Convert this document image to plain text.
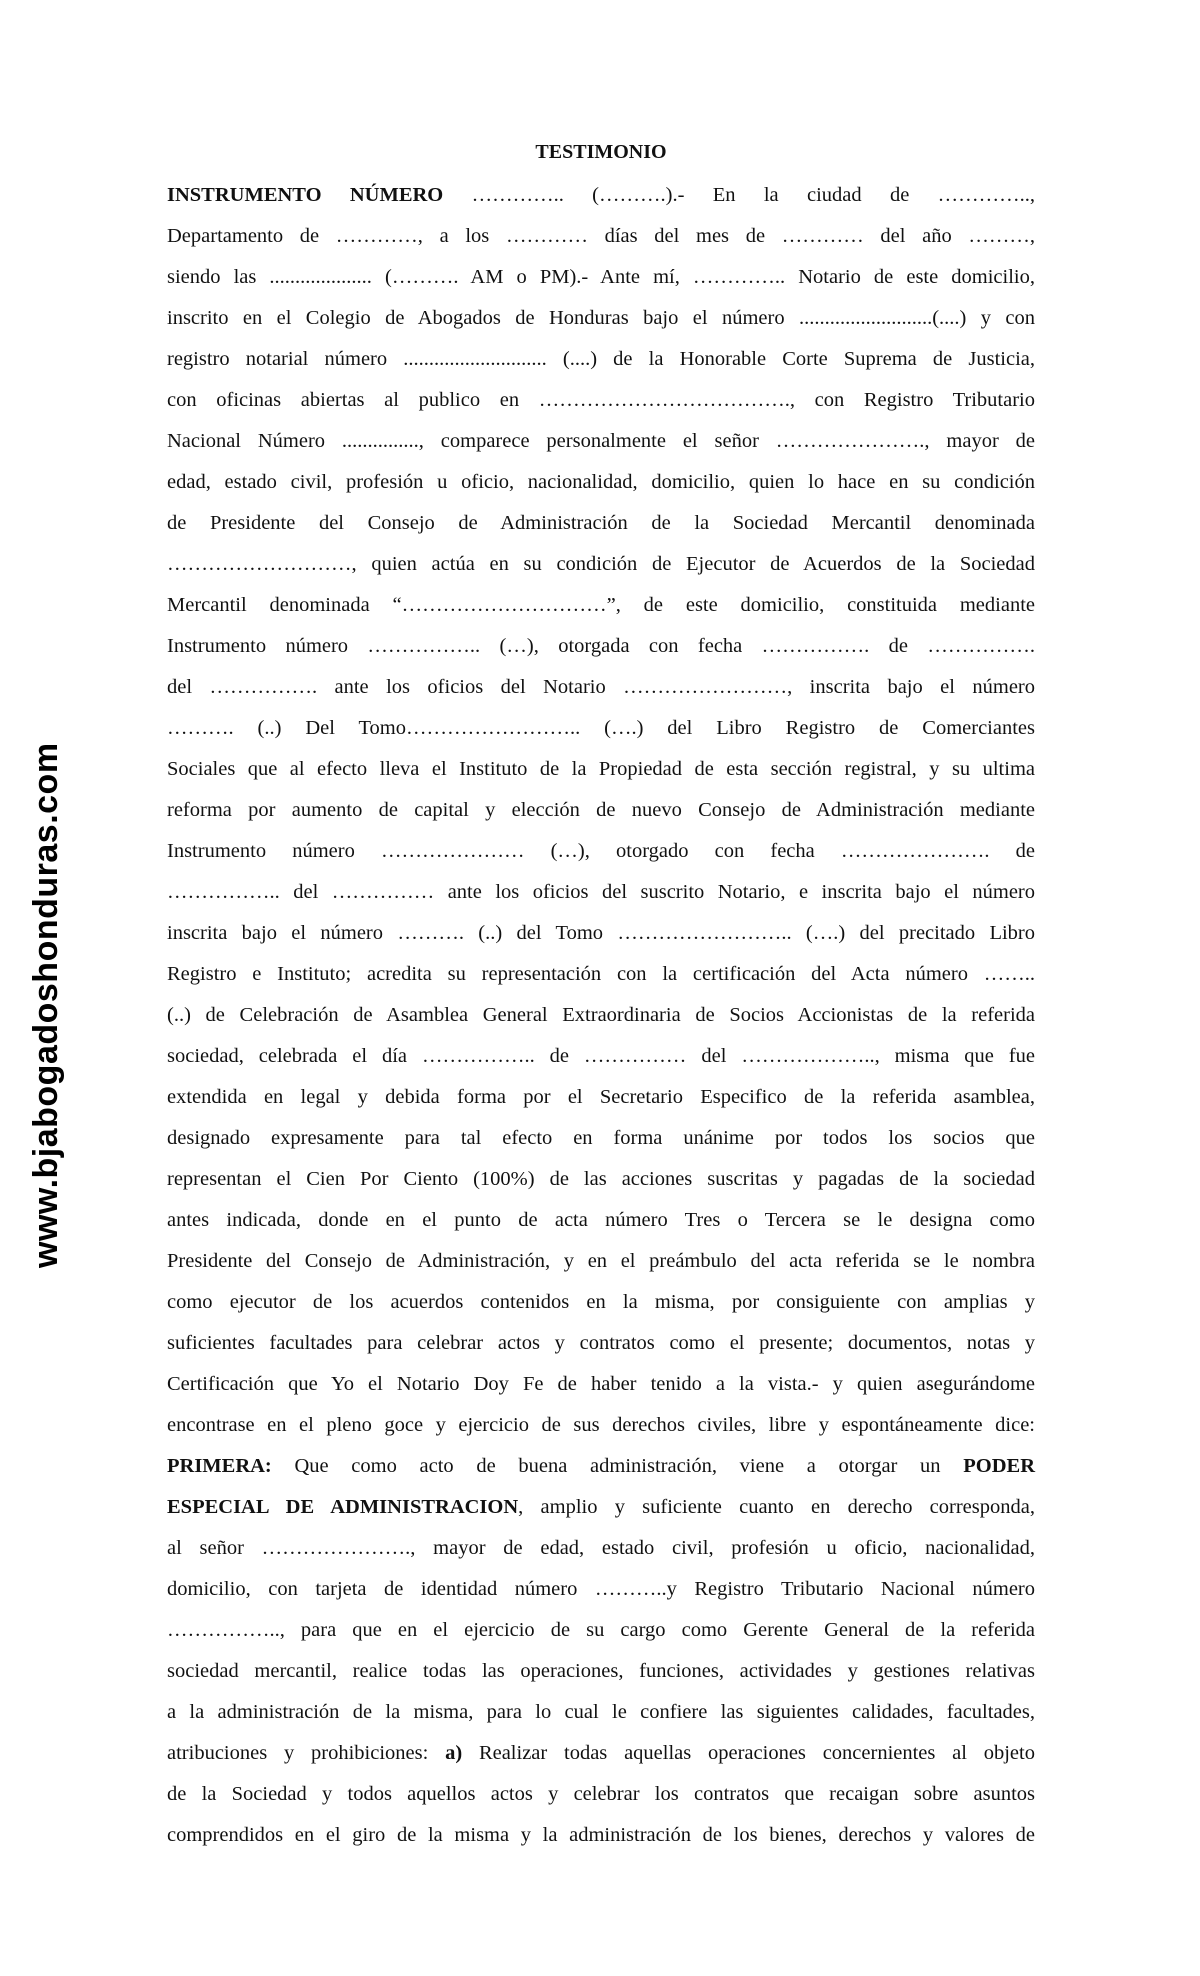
www.bjabogadoshonduras.com
TESTIMONIO
INSTRUMENTO NÚMERO ………….. (……….).- En la ciudad de …………..,
Departamento de …………, a los ………… días del mes de ………… del año ………,
siendo las .................... (………. AM o PM).- Ante mí, ………….. Notario de este domicilio,
inscrito en el Colegio de Abogados de Honduras bajo el número ..........................(....) y con
registro notarial número ............................ (....) de la Honorable Corte Suprema de Justicia,
con oficinas abiertas al publico en ………………………………., con Registro Tributario
Nacional Número ..............., comparece personalmente el señor …………………., mayor de
edad, estado civil, profesión u oficio, nacionalidad, domicilio, quien lo hace en su condición
de Presidente del Consejo de Administración de la Sociedad Mercantil denominada
………………………, quien actúa en su condición de Ejecutor de Acuerdos de la Sociedad
Mercantil denominada “…………………………”, de este domicilio, constituida mediante
Instrumento número …………….. (…), otorgada con fecha ……………. de …………….
del ……………. ante los oficios del Notario ……………………, inscrita bajo el número
………. (..) Del Tomo…………………….. (….) del Libro Registro de Comerciantes
Sociales que al efecto lleva el Instituto de la Propiedad de esta sección registral, y su ultima
reforma por aumento de capital y elección de nuevo Consejo de Administración mediante
Instrumento número ………………… (…), otorgado con fecha …………………. de
…………….. del …………… ante los oficios del suscrito Notario, e inscrita bajo el número
inscrita bajo el número ………. (..) del Tomo …………………….. (….) del precitado Libro
Registro e Instituto; acredita su representación con la certificación del Acta número ……..
(..) de Celebración de Asamblea General Extraordinaria de Socios Accionistas de la referida
sociedad, celebrada el día …………….. de …………… del ……………….., misma que fue
extendida en legal y debida forma por el Secretario Especifico de la referida asamblea,
designado expresamente para tal efecto en forma unánime por todos los socios que
representan el Cien Por Ciento (100%) de las acciones suscritas y pagadas de la sociedad
antes indicada, donde en el punto de acta número Tres o Tercera se le designa como
Presidente del Consejo de Administración, y en el preámbulo del acta referida se le nombra
como ejecutor de los acuerdos contenidos en la misma, por consiguiente con amplias y
suficientes facultades para celebrar actos y contratos como el presente; documentos, notas y
Certificación que Yo el Notario Doy Fe de haber tenido a la vista.- y quien asegurándome
encontrase en el pleno goce y ejercicio de sus derechos civiles, libre y espontáneamente dice:
PRIMERA: Que como acto de buena administración, viene a otorgar un PODER
ESPECIAL DE ADMINISTRACION, amplio y suficiente cuanto en derecho corresponda,
al señor …………………., mayor de edad, estado civil, profesión u oficio, nacionalidad,
domicilio, con tarjeta de identidad número ………..y Registro Tributario Nacional número
…………….., para que en el ejercicio de su cargo como Gerente General de la referida
sociedad mercantil, realice todas las operaciones, funciones, actividades y gestiones relativas
a la administración de la misma, para lo cual le confiere las siguientes calidades, facultades,
atribuciones y prohibiciones: a) Realizar todas aquellas operaciones concernientes al objeto
de la Sociedad y todos aquellos actos y celebrar los contratos que recaigan sobre asuntos
comprendidos en el giro de la misma y la administración de los bienes, derechos y valores de
